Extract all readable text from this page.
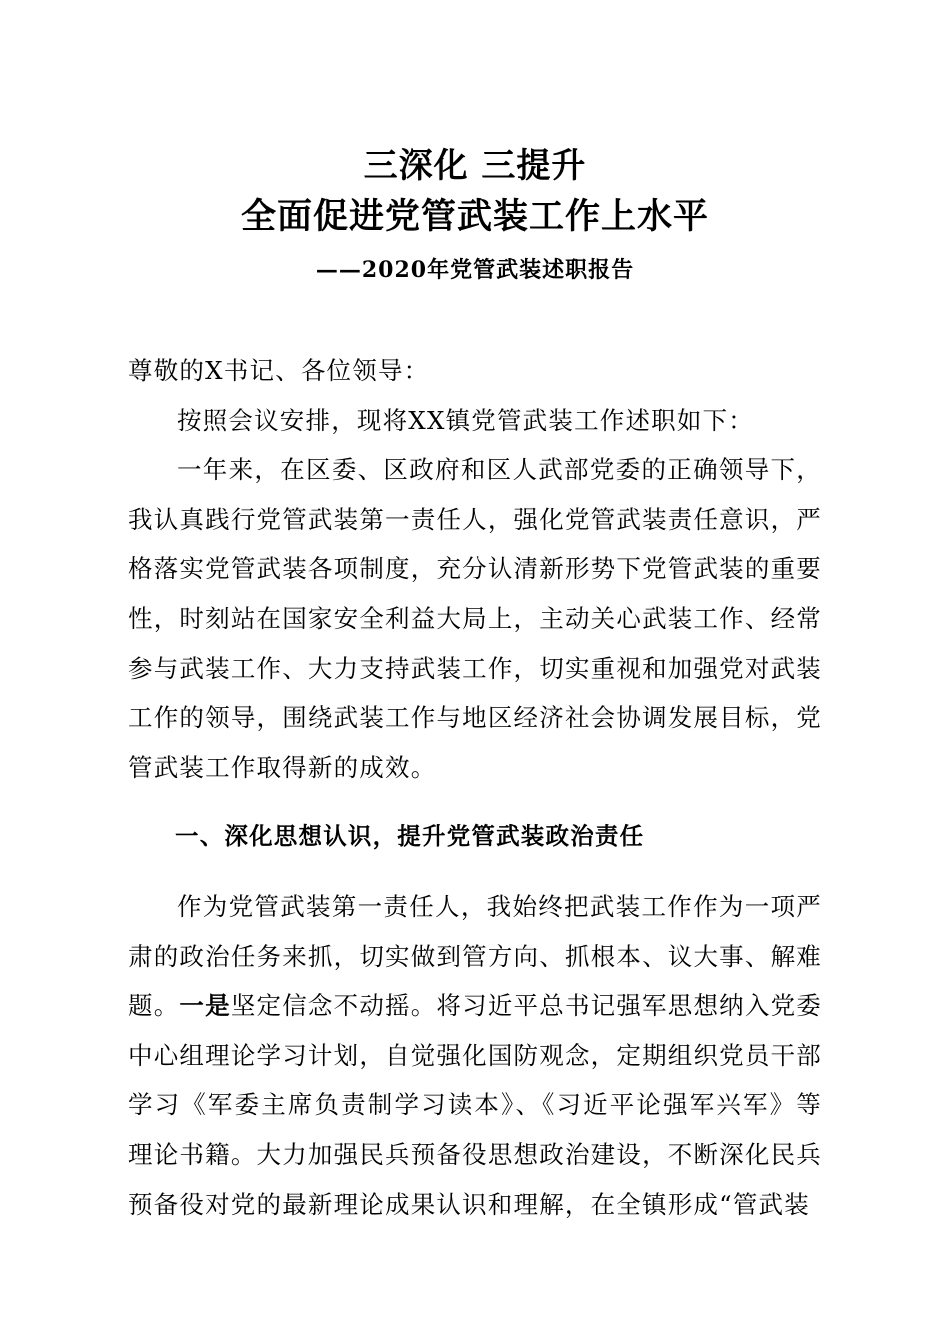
三深化 三提升
全面促进党管武装工作上水平
——2020年党管武装述职报告

尊敬的X书记、各位领导：

按照会议安排，现将XX镇党管武装工作述职如下：

一年来，在区委、区政府和区人武部党委的正确领导下，我认真践行党管武装第一责任人，强化党管武装责任意识，严格落实党管武装各项制度，充分认清新形势下党管武装的重要性，时刻站在国家安全利益大局上，主动关心武装工作、经常参与武装工作、大力支持武装工作，切实重视和加强党对武装工作的领导，围绕武装工作与地区经济社会协调发展目标，党管武装工作取得新的成效。

一、深化思想认识，提升党管武装政治责任

作为党管武装第一责任人，我始终把武装工作作为一项严肃的政治任务来抓，切实做到管方向、抓根本、议大事、解难题。一是坚定信念不动摇。将习近平总书记强军思想纳入党委中心组理论学习计划，自觉强化国防观念，定期组织党员干部学习《军委主席负责制学习读本》、《习近平论强军兴军》等理论书籍。大力加强民兵预备役思想政治建设，不断深化民兵预备役对党的最新理论成果认识和理解，在全镇形成“管武装
